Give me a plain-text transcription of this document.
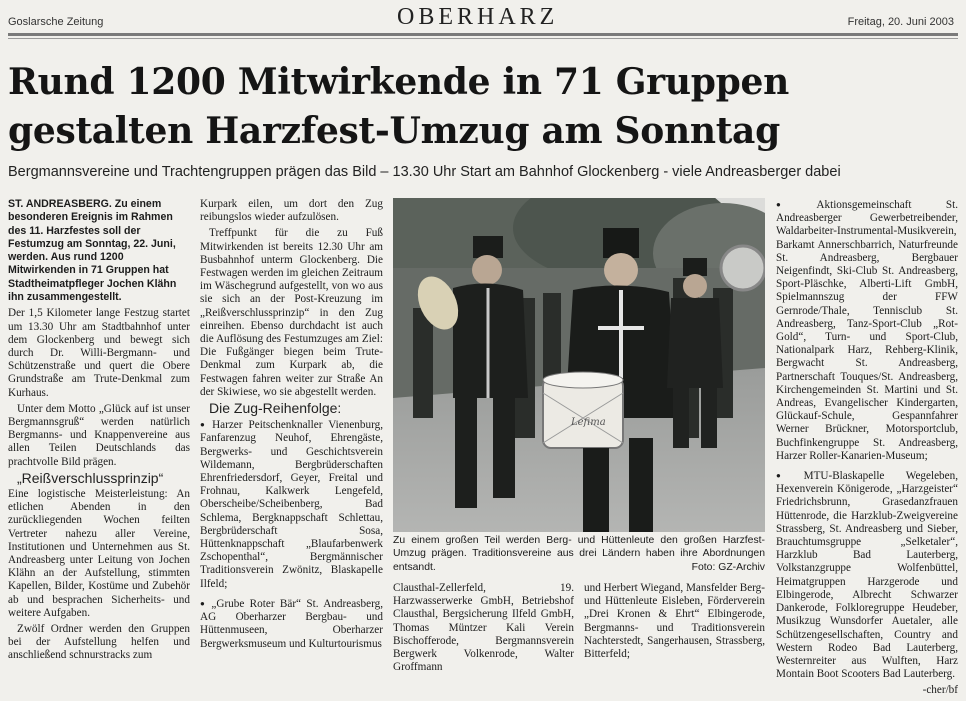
Goslarsche Zeitung	OBERHARZ	Freitag, 20. Juni 2003
Rund 1200 Mitwirkende in 71 Gruppen
gestalten Harzfest-Umzug am Sonntag
Bergmannsvereine und Trachtengruppen prägen das Bild – 13.30 Uhr Start am Bahnhof Glockenberg - viele Andreasberger dabei

ST. ANDREASBERG. Zu einem besonderen Ereignis im Rahmen des 11. Harzfestes soll der Festumzug am Sonntag, 22. Juni, werden. Aus rund 1200 Mitwirkenden in 71 Gruppen hat Stadtheimatpfleger Jochen Klähn ihn zusammengestellt.

Der 1,5 Kilometer lange Festzug startet um 13.30 Uhr am Stadtbahnhof unter dem Glockenberg und bewegt sich durch Dr. Willi-Bergmann- und Schützenstraße und quert die Obere Grundstraße am Trute-Denkmal zum Kurhaus.

Unter dem Motto „Glück auf ist unser Bergmannsgruß“ werden natürlich Bergmanns- und Knappenvereine aus allen Teilen Deutschlands das prachtvolle Bild prägen.

„Reißverschlussprinzip“

Eine logistische Meisterleistung: An etlichen Abenden in den zurückliegenden Wochen feilten Vertreter nahezu aller Vereine, Institutionen und Unternehmen aus St. Andreasberg unter Leitung von Jochen Klähn an der Aufstellung, stimmten Kapellen, Bilder, Kostüme und Zubehör ab und besprachen Sicherheits- und weitere Aufgaben.

Zwölf Ordner werden den Gruppen bei der Aufstellung helfen und anschließend schnurstracks zum

Kurpark eilen, um dort den Zug reibungslos wieder aufzulösen.

Treffpunkt für die zu Fuß Mitwirkenden ist bereits 12.30 Uhr am Busbahnhof unterm Glockenberg. Die Festwagen werden im gleichen Zeitraum im Wäschegrund aufgestellt, von wo aus sie sich an der Post-Kreuzung im „Reißverschlussprinzip“ in den Zug einreihen. Ebenso durchdacht ist auch die Auflösung des Festumzuges am Ziel: Die Fußgänger biegen beim Trute-Denkmal zum Kurpark ab, die Festwagen fahren weiter zur Straße An der Skiwiese, wo sie abgestellt werden.

Die Zug-Reihenfolge:

● Harzer Peitschenknaller Vienenburg, Fanfarenzug Neuhof, Ehrengäste, Bergwerks- und Geschichtsverein Wildemann, Bergbrüderschaften Ehrenfriedersdorf, Geyer, Freital und Frohnau, Kalkwerk Lengefeld, Oberscheibe/Scheibenberg, Bad Schlema, Bergknappschaft Schlettau, Bergbrüderschaft Sosa, Hüttenknappschaft „Blaufarbenwerk Zschopenthal“, Bergmännischer Traditionsverein Zwönitz, Blaskapelle Ilfeld;

● „Grube Roter Bär“ St. Andreasberg, AG Oberharzer Bergbau- und Hüttenmuseen, Oberharzer Bergwerksmuseum und Kulturtourismus

Lefima
Zu einem großen Teil werden Berg- und Hüttenleute den großen Harzfest-Umzug prägen. Traditionsvereine aus drei Ländern haben ihre Abordnungen entsandt.	Foto: GZ-Archiv

Clausthal-Zellerfeld, 19. Harzwasserwerke GmbH, Betriebshof Clausthal, Bergsicherung Ilfeld GmbH, Thomas Müntzer Kali Verein Bischofferode, Bergmannsverein Bergwerk Volkenrode, Walter Groffmann

und Herbert Wiegand, Mansfelder Berg- und Hüttenleute Eisleben, Förderverein „Drei Kronen & Ehrt“ Elbingerode, Bergmanns- und Traditionsverein Nachterstedt, Sangerhausen, Strassberg, Bitterfeld;

● Aktionsgemeinschaft St. Andreasberger Gewerbetreibender, Waldarbeiter-Instrumental-Musikverein, Barkamt Annerschbarrich, Naturfreunde St. Andreasberg, Bergbauer Neigenfindt, Ski-Club St. Andreasberg, Sport-Pläschke, Alberti-Lift GmbH, Spielmannszug der FFW Gernrode/Thale, Tennisclub St. Andreasberg, Tanz-Sport-Club „Rot-Gold“, Turn- und Sport-Club, Nationalpark Harz, Rehberg-Klinik, Bergwacht St. Andreasberg, Partnerschaft Touques/St. Andreasberg, Kirchengemeinden St. Martini und St. Andreas, Evangelischer Kindergarten, Glückauf-Schule, Gespannfahrer Werner Brückner, Motorsportclub, Buchfinkengruppe St. Andreasberg, Harzer Roller-Kanarien-Museum;

● MTU-Blaskapelle Wegeleben, Hexenverein Königerode, „Harzgeister“ Friedrichsbrunn, Grasedanzfrauen Hüttenrode, die Harzklub-Zweigvereine Strassberg, St. Andreasberg und Sieber, Brauchtumsgruppe „Selketaler“, Harzklub Bad Lauterberg, Volkstanzgruppe Wolfenbüttel, Heimatgruppen Harzgerode und Elbingerode, Albrecht Schwarzer Dankerode, Folkloregruppe Heudeber, Musikzug Wunsdorfer Auetaler, alle Schützengesellschaften, Country and Western Rodeo Bad Lauterberg, Westernreiter aus Wulften, Harz Montain Boot Scooters Bad Lauterberg.

-cher/bf
